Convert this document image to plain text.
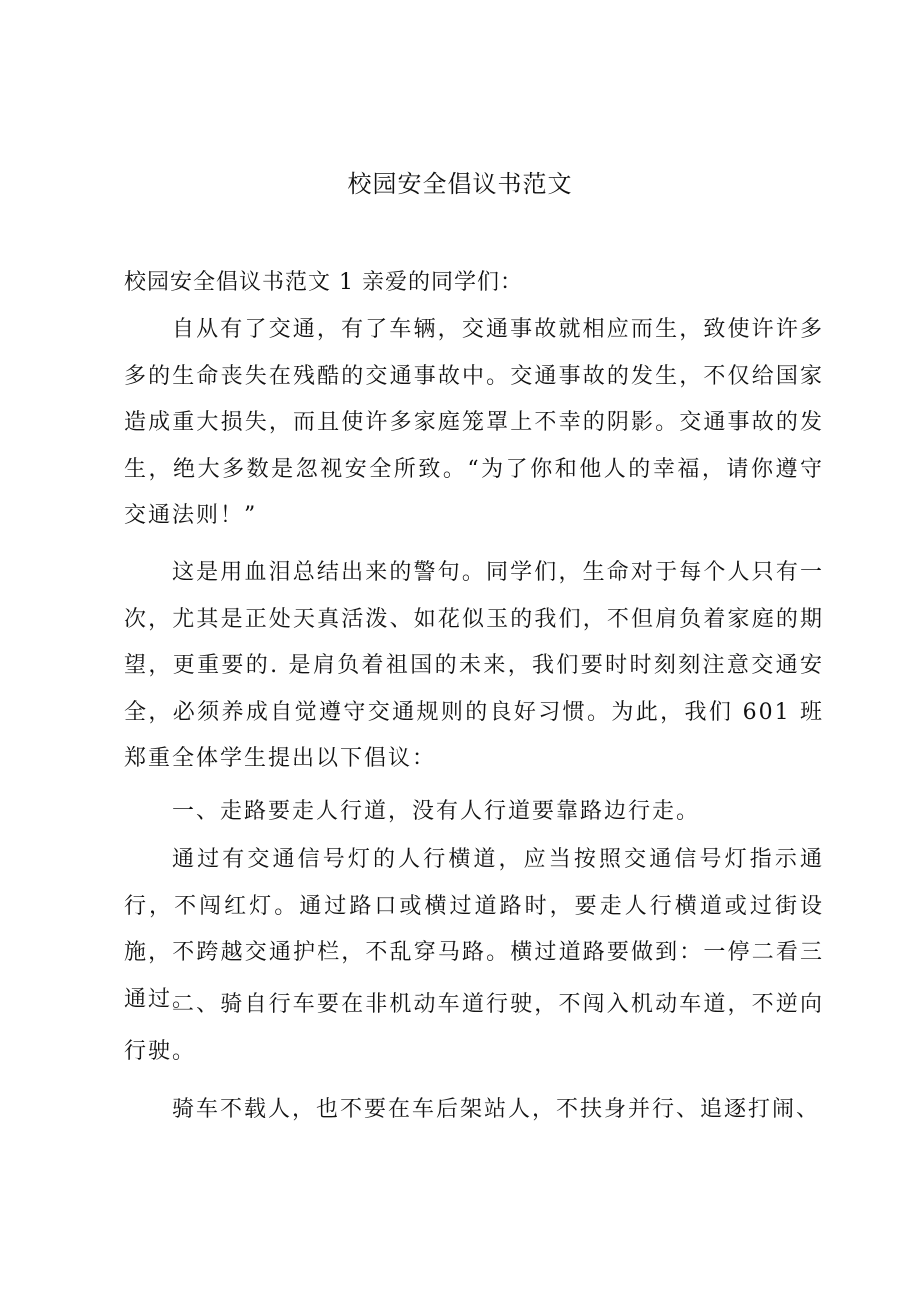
校园安全倡议书范文
校园安全倡议书范文 1 亲爱的同学们：
自从有了交通，有了车辆，交通事故就相应而生，致使许许多多的生命丧失在残酷的交通事故中。交通事故的发生，不仅给国家造成重大损失，而且使许多家庭笼罩上不幸的阴影。交通事故的发生，绝大多数是忽视安全所致。“为了你和他人的幸福，请你遵守交通法则！”
这是用血泪总结出来的警句。同学们，生命对于每个人只有一次，尤其是正处天真活泼、如花似玉的我们，不但肩负着家庭的期望，更重要的. 是肩负着祖国的未来，我们要时时刻刻注意交通安全，必须养成自觉遵守交通规则的良好习惯。为此，我们 601 班郑重全体学生提出以下倡议：
一、走路要走人行道，没有人行道要靠路边行走。
通过有交通信号灯的人行横道，应当按照交通信号灯指示通行，不闯红灯。通过路口或横过道路时，要走人行横道或过街设施，不跨越交通护栏，不乱穿马路。横过道路要做到：一停二看三通过。
二、骑自行车要在非机动车道行驶，不闯入机动车道，不逆向行驶。
骑车不载人，也不要在车后架站人，不扶身并行、追逐打闹、
